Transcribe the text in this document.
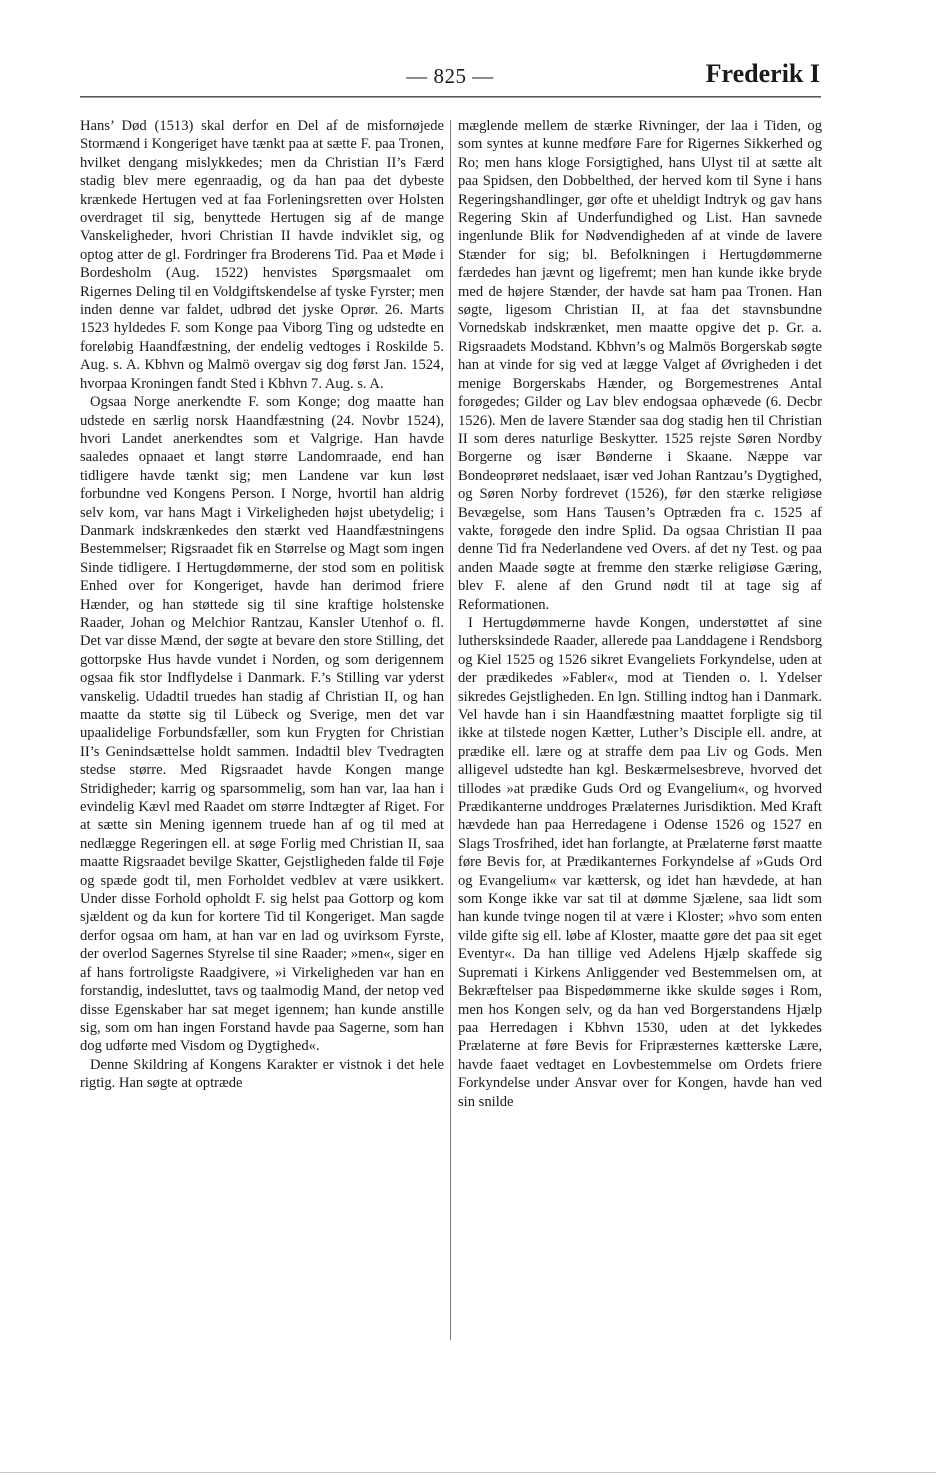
— 825 —	Frederik I

Hans’ Død (1513) skal derfor en Del af de misfornøjede Stormænd i Kongeriget have tænkt paa at sætte F. paa Tronen, hvilket dengang mislykkedes; men da Christian II’s Færd stadig blev mere egenraadig, og da han paa det dybeste krænkede Hertugen ved at faa Forleningsretten over Holsten overdraget til sig, benyttede Hertugen sig af de mange Vanskeligheder, hvori Christian II havde indviklet sig, og optog atter de gl. Fordringer fra Broderens Tid. Paa et Møde i Bordesholm (Aug. 1522) henvistes Spørgsmaalet om Rigernes Deling til en Voldgiftskendelse af tyske Fyrster; men inden denne var faldet, udbrød det jyske Oprør. 26. Marts 1523 hyldedes F. som Konge paa Viborg Ting og udstedte en foreløbig Haandfæstning, der endelig vedtoges i Roskilde 5. Aug. s. A. Kbhvn og Malmö overgav sig dog først Jan. 1524, hvorpaa Kroningen fandt Sted i Kbhvn 7. Aug. s. A.

Ogsaa Norge anerkendte F. som Konge; dog maatte han udstede en særlig norsk Haandfæstning (24. Novbr 1524), hvori Landet anerkendtes som et Valgrige. Han havde saaledes opnaaet et langt større Landomraade, end han tidligere havde tænkt sig; men Landene var kun løst forbundne ved Kongens Person. I Norge, hvortil han aldrig selv kom, var hans Magt i Virkeligheden højst ubetydelig; i Danmark indskrænkedes den stærkt ved Haandfæstningens Bestemmelser; Rigsraadet fik en Størrelse og Magt som ingen Sinde tidligere. I Hertugdømmerne, der stod som en politisk Enhed over for Kongeriget, havde han derimod friere Hænder, og han støttede sig til sine kraftige holstenske Raader, Johan og Melchior Rantzau, Kansler Utenhof o. fl. Det var disse Mænd, der søgte at bevare den store Stilling, det gottorpske Hus havde vundet i Norden, og som derigennem ogsaa fik stor Indflydelse i Danmark. F.’s Stilling var yderst vanskelig. Udadtil truedes han stadig af Christian II, og han maatte da støtte sig til Lübeck og Sverige, men det var upaalidelige Forbundsfæller, som kun Frygten for Christian II’s Genindsættelse holdt sammen. Indadtil blev Tvedragten stedse større. Med Rigsraadet havde Kongen mange Stridigheder; karrig og sparsommelig, som han var, laa han i evindelig Kævl med Raadet om større Indtægter af Riget. For at sætte sin Mening igennem truede han af og til med at nedlægge Regeringen ell. at søge Forlig med Christian II, saa maatte Rigsraadet bevilge Skatter, Gejstligheden falde til Føje og spæde godt til, men Forholdet vedblev at være usikkert. Under disse Forhold opholdt F. sig helst paa Gottorp og kom sjældent og da kun for kortere Tid til Kongeriget. Man sagde derfor ogsaa om ham, at han var en lad og uvirksom Fyrste, der overlod Sagernes Styrelse til sine Raader; »men«, siger en af hans fortroligste Raadgivere, »i Virkeligheden var han en forstandig, indesluttet, tavs og taalmodig Mand, der netop ved disse Egenskaber har sat meget igennem; han kunde anstille sig, som om han ingen Forstand havde paa Sagerne, som han dog udførte med Visdom og Dygtighed«.

Denne Skildring af Kongens Karakter er vistnok i det hele rigtig. Han søgte at optræde

mæglende mellem de stærke Rivninger, der laa i Tiden, og som syntes at kunne medføre Fare for Rigernes Sikkerhed og Ro; men hans kloge Forsigtighed, hans Ulyst til at sætte alt paa Spidsen, den Dobbelthed, der herved kom til Syne i hans Regeringshandlinger, gør ofte et uheldigt Indtryk og gav hans Regering Skin af Underfundighed og List. Han savnede ingenlunde Blik for Nødvendigheden af at vinde de lavere Stænder for sig; bl. Befolkningen i Hertugdømmerne færdedes han jævnt og ligefremt; men han kunde ikke bryde med de højere Stænder, der havde sat ham paa Tronen. Han søgte, ligesom Christian II, at faa det stavnsbundne Vornedskab indskrænket, men maatte opgive det p. Gr. a. Rigsraadets Modstand. Kbhvn’s og Malmös Borgerskab søgte han at vinde for sig ved at lægge Valget af Øvrigheden i det menige Borgerskabs Hænder, og Borgemestrenes Antal forøgedes; Gilder og Lav blev endogsaa ophævede (6. Decbr 1526). Men de lavere Stænder saa dog stadig hen til Christian II som deres naturlige Beskytter. 1525 rejste Søren Nordby Borgerne og især Bønderne i Skaane. Næppe var Bondeoprøret nedslaaet, især ved Johan Rantzau’s Dygtighed, og Søren Norby fordrevet (1526), før den stærke religiøse Bevægelse, som Hans Tausen’s Optræden fra c. 1525 af vakte, forøgede den indre Splid. Da ogsaa Christian II paa denne Tid fra Nederlandene ved Overs. af det ny Test. og paa anden Maade søgte at fremme den stærke religiøse Gæring, blev F. alene af den Grund nødt til at tage sig af Reformationen.

I Hertugdømmerne havde Kongen, understøttet af sine luthersksindede Raader, allerede paa Landdagene i Rendsborg og Kiel 1525 og 1526 sikret Evangeliets Forkyndelse, uden at der prædikedes »Fabler«, mod at Tienden o. l. Ydelser sikredes Gejstligheden. En lgn. Stilling indtog han i Danmark. Vel havde han i sin Haandfæstning maattet forpligte sig til ikke at tilstede nogen Kætter, Luther’s Disciple ell. andre, at prædike ell. lære og at straffe dem paa Liv og Gods. Men alligevel udstedte han kgl. Beskærmelsesbreve, hvorved det tillodes »at prædike Guds Ord og Evangelium«, og hvorved Prædikanterne unddroges Prælaternes Jurisdiktion. Med Kraft hævdede han paa Herredagene i Odense 1526 og 1527 en Slags Trosfrihed, idet han forlangte, at Prælaterne først maatte føre Bevis for, at Prædikanternes Forkyndelse af »Guds Ord og Evangelium« var kættersk, og idet han hævdede, at han som Konge ikke var sat til at dømme Sjælene, saa lidt som han kunde tvinge nogen til at være i Kloster; »hvo som enten vilde gifte sig ell. løbe af Kloster, maatte gøre det paa sit eget Eventyr«. Da han tillige ved Adelens Hjælp skaffede sig Supremati i Kirkens Anliggender ved Bestemmelsen om, at Bekræftelser paa Bispedømmerne ikke skulde søges i Rom, men hos Kongen selv, og da han ved Borgerstandens Hjælp paa Herredagen i Kbhvn 1530, uden at det lykkedes Prælaterne at føre Bevis for Fripræsternes kætterske Lære, havde faaet vedtaget en Lovbestemmelse om Ordets friere Forkyndelse under Ansvar over for Kongen, havde han ved sin snilde
